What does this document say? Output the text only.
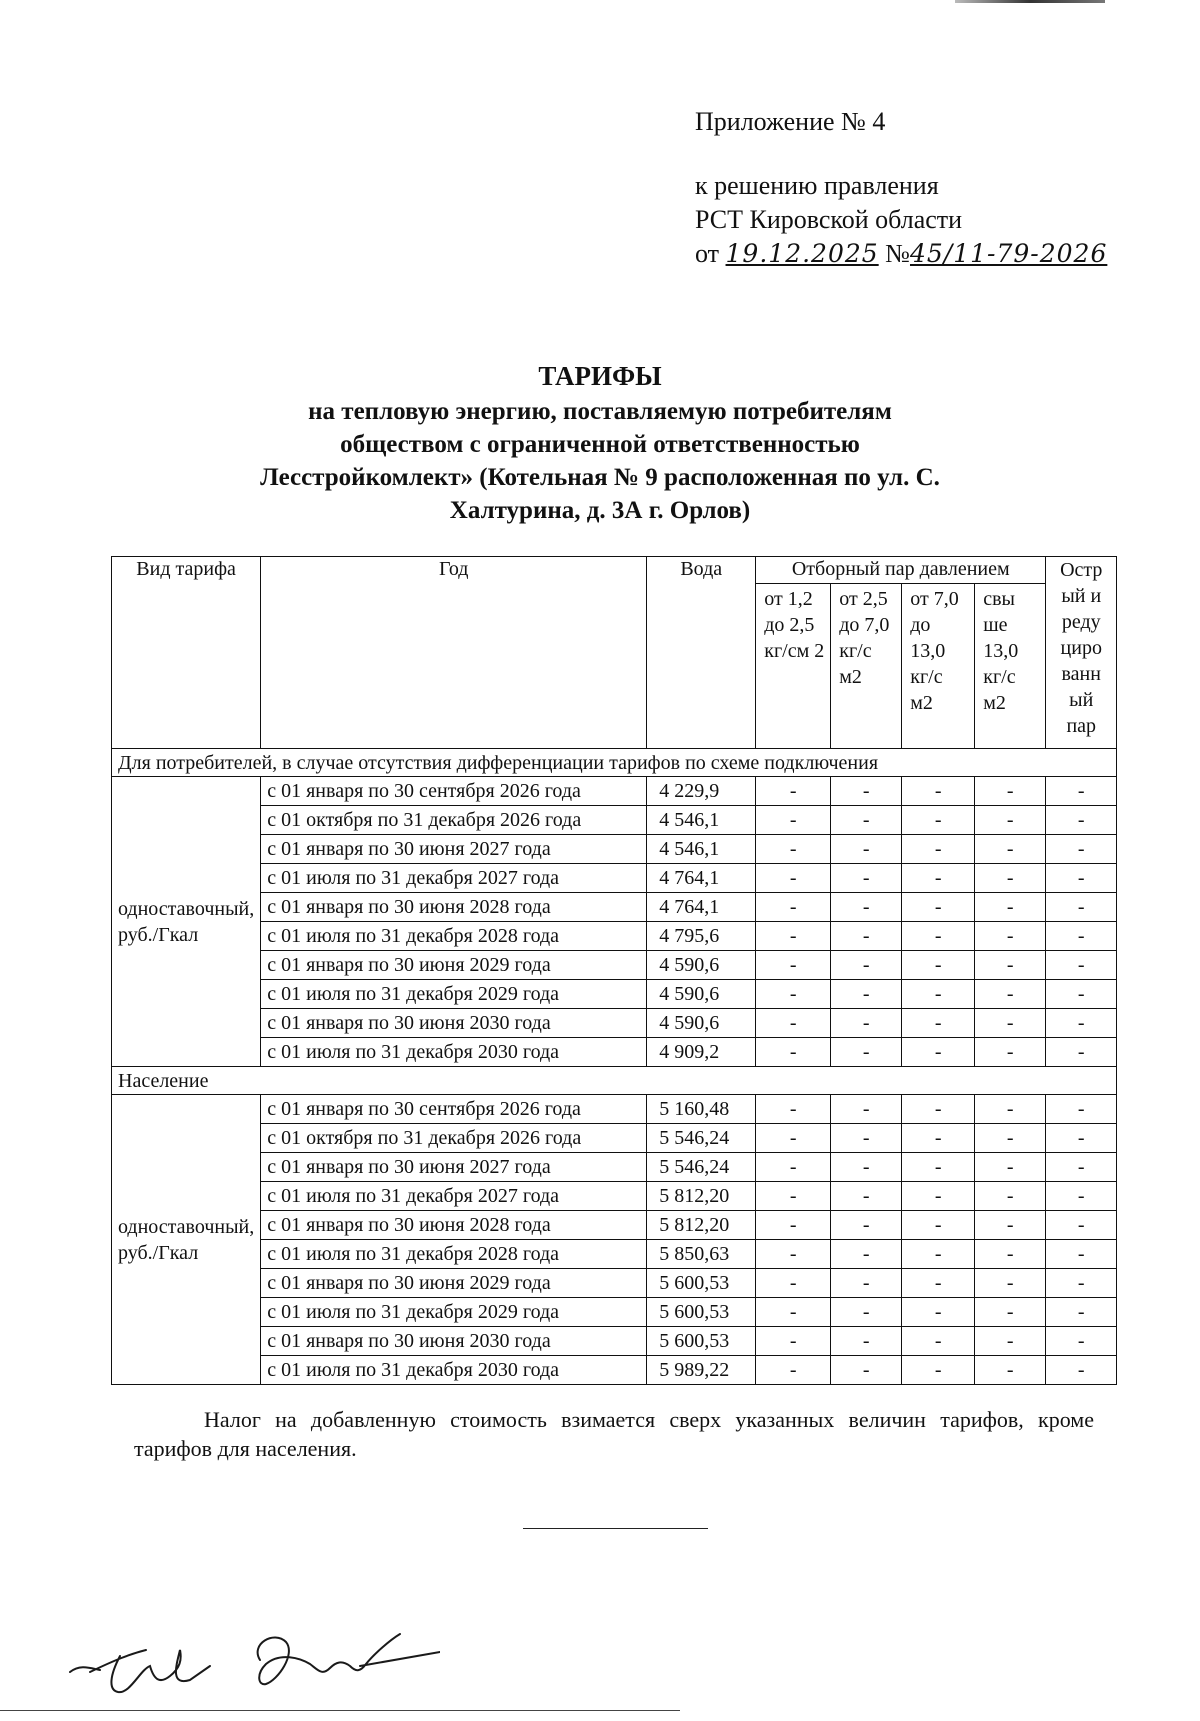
Приложение № 4
к решению правления
РСТ Кировской области
от 19.12.2025 №45/11-79-2026
ТАРИФЫ
на тепловую энергию, поставляемую потребителям
обществом с ограниченной ответственностью
Лесстройкомлект» (Котельная № 9 расположенная по ул. С.
Халтурина, д. 3А г. Орлов)
Вид тарифа	Год	Вода	Отборный пар давлением				Остр ый и реду циро ванн ый пар
			от 1,2 до 2,5 кг/см 2	от 2,5 до 7,0 кг/с м2	от 7,0 до 13,0 кг/с м2	свы ше 13,0 кг/с м2	
Для потребителей, в случае отсутствия дифференциации тарифов по схеме подключения							
одноставочный, руб./Гкал	с 01 января по 30 сентября 2026 года	4 229,9	-	-	-	-	-
	с 01 октября по 31 декабря 2026 года	4 546,1	-	-	-	-	-
	с 01 января по 30 июня 2027 года	4 546,1	-	-	-	-	-
	с 01 июля по 31 декабря 2027 года	4 764,1	-	-	-	-	-
	с 01 января по 30 июня 2028 года	4 764,1	-	-	-	-	-
	с 01 июля по 31 декабря 2028 года	4 795,6	-	-	-	-	-
	с 01 января по 30 июня 2029 года	4 590,6	-	-	-	-	-
	с 01 июля по 31 декабря 2029 года	4 590,6	-	-	-	-	-
	с 01 января по 30 июня 2030 года	4 590,6	-	-	-	-	-
	с 01 июля по 31 декабря 2030 года	4 909,2	-	-	-	-	-
Население							
одноставочный, руб./Гкал	с 01 января по 30 сентября 2026 года	5 160,48	-	-	-	-	-
	с 01 октября по 31 декабря 2026 года	5 546,24	-	-	-	-	-
	с 01 января по 30 июня 2027 года	5 546,24	-	-	-	-	-
	с 01 июля по 31 декабря 2027 года	5 812,20	-	-	-	-	-
	с 01 января по 30 июня 2028 года	5 812,20	-	-	-	-	-
	с 01 июля по 31 декабря 2028 года	5 850,63	-	-	-	-	-
	с 01 января по 30 июня 2029 года	5 600,53	-	-	-	-	-
	с 01 июля по 31 декабря 2029 года	5 600,53	-	-	-	-	-
	с 01 января по 30 июня 2030 года	5 600,53	-	-	-	-	-
	с 01 июля по 31 декабря 2030 года	5 989,22	-	-	-	-	-
Налог на добавленную стоимость взимается сверх указанных величин тарифов, кроме тарифов для населения.
